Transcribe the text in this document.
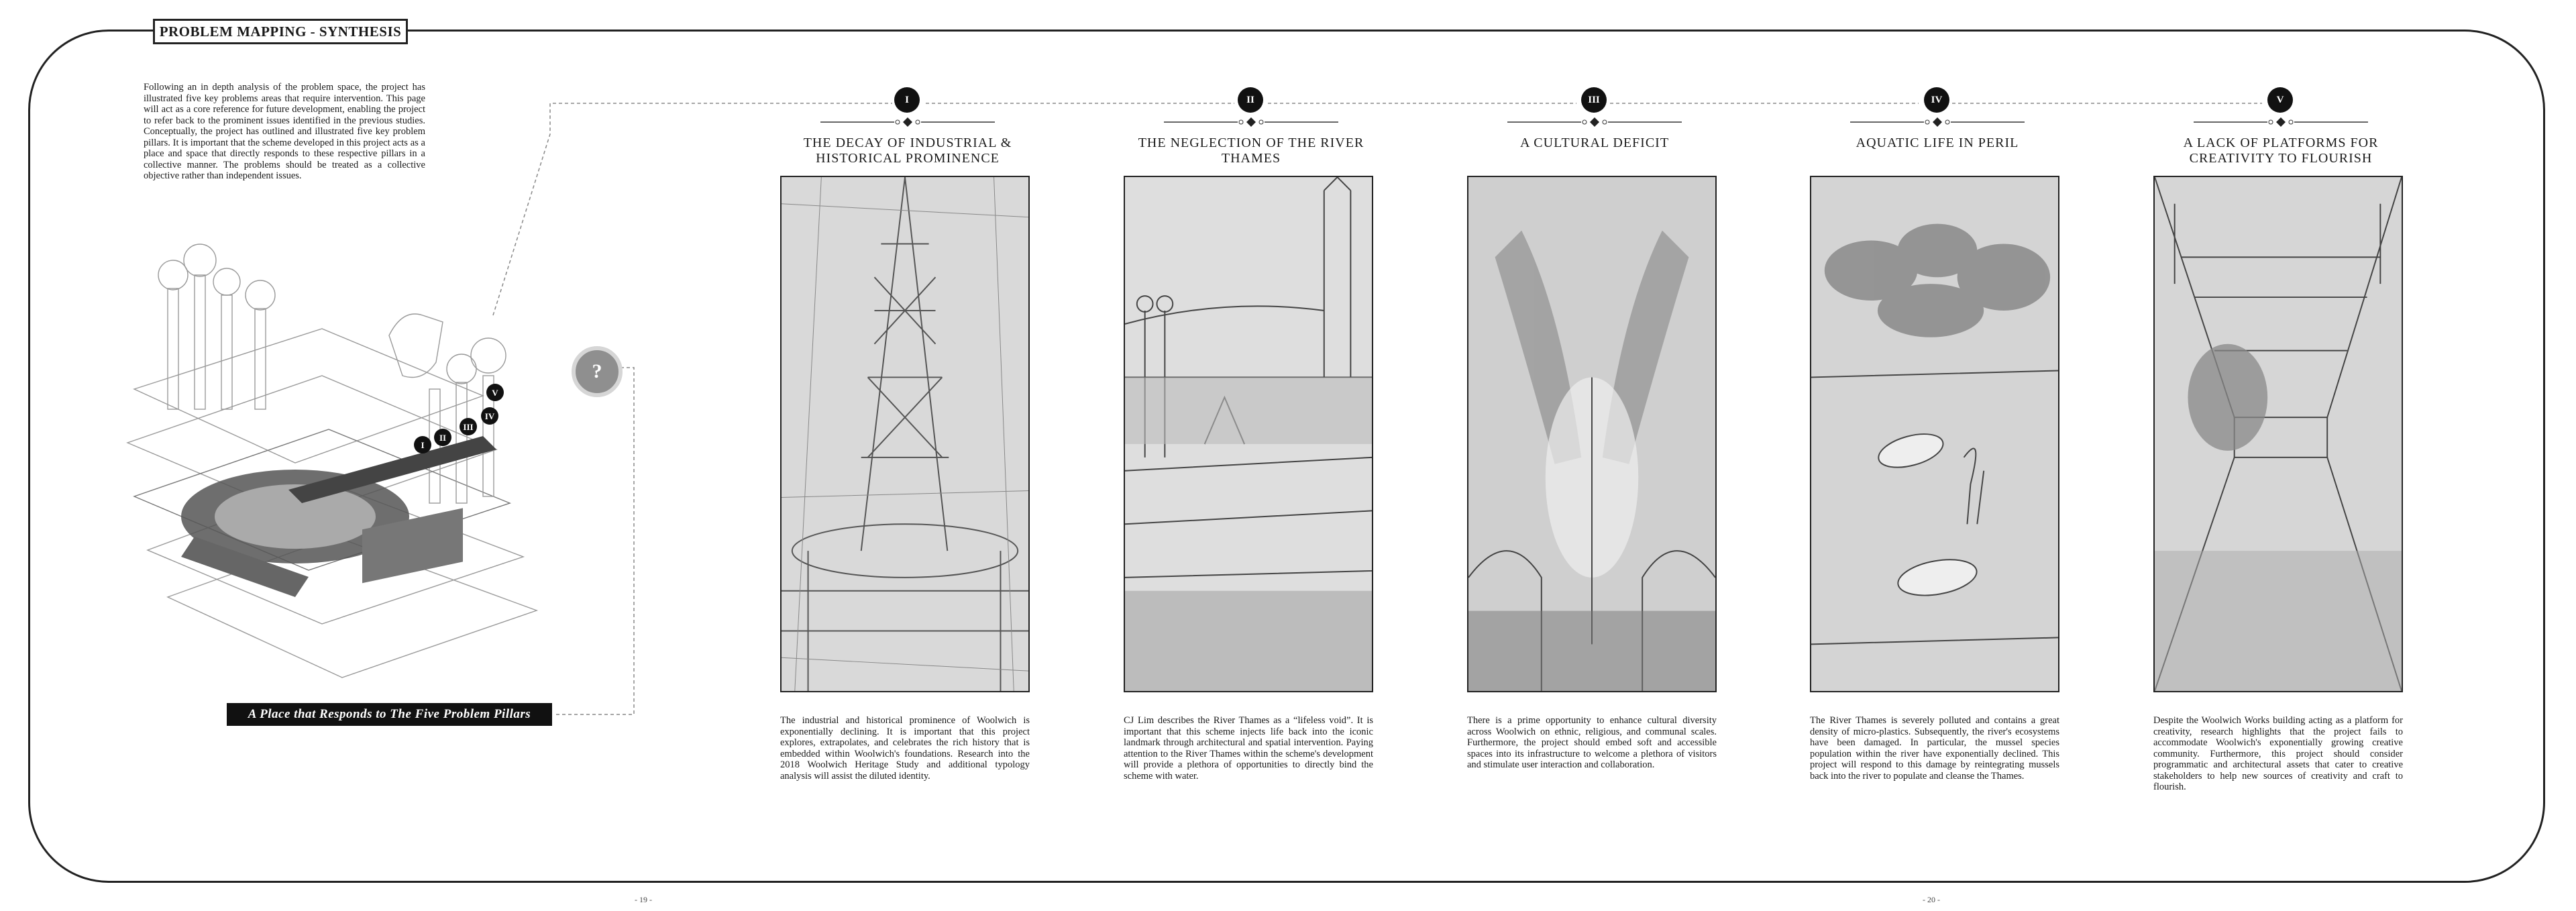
PROBLEM MAPPING - SYNTHESIS
Following an in depth analysis of the problem space, the project has illustrated five key problems areas that require intervention. This page will act as a core reference for future development, enabling the project to refer back to the prominent issues identified in the previous studies. Conceptually, the project has outlined and illustrated five key problem pillars. It is important that the scheme developed in this project acts as a place and space that directly responds to these respective pillars in a collective manner. The problems should be treated as a collective objective rather than independent issues.
I
II
III
IV
V
?
A Place that Responds to The Five Problem Pillars
I
THE DECAY OF INDUSTRIAL & HISTORICAL PROMINENCE
The industrial and historical prominence of Woolwich is exponentially declining. It is important that this project explores, extrapolates, and celebrates the rich history that is embedded within Woolwich's foundations. Research into the 2018 Woolwich Heritage Study and additional typology analysis will assist the diluted identity.
II
THE NEGLECTION OF THE RIVER THAMES
CJ Lim describes the River Thames as a “lifeless void”. It is important that this scheme injects life back into the iconic landmark through architectural and spatial intervention. Paying attention to the River Thames within the scheme's development will provide a plethora of opportunities to directly bind the scheme with water.
III
A CULTURAL DEFICIT
There is a prime opportunity to enhance cultural diversity across Woolwich on ethnic, religious, and communal scales. Furthermore, the project should embed soft and accessible spaces into its infrastructure to welcome a plethora of visitors and stimulate user interaction and collaboration.
IV
AQUATIC LIFE IN PERIL
The River Thames is severely polluted and contains a great density of micro-plastics. Subsequently, the river's ecosystems have been damaged. In particular, the mussel species population within the river have exponentially declined. This project will respond to this damage by reintegrating mussels back into the river to populate and cleanse the Thames.
V
A LACK OF PLATFORMS FOR CREATIVITY TO FLOURISH
Despite the Woolwich Works building acting as a platform for creativity, research highlights that the project fails to accommodate Woolwich's exponentially growing creative community. Furthermore, this project should consider programmatic and architectural assets that cater to creative stakeholders to help new sources of creativity and craft to flourish.
- 19 -	- 20 -
